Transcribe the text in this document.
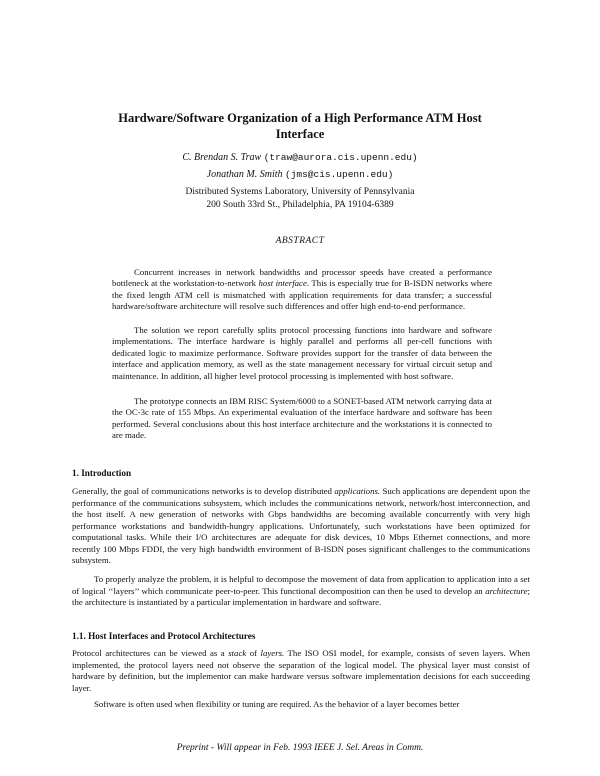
Hardware/Software Organization of a High Performance ATM Host Interface
C. Brendan S. Traw (traw@aurora.cis.upenn.edu)
Jonathan M. Smith (jms@cis.upenn.edu)
Distributed Systems Laboratory, University of Pennsylvania
200 South 33rd St., Philadelphia, PA 19104-6389
ABSTRACT

Concurrent increases in network bandwidths and processor speeds have created a performance bottleneck at the workstation-to-network host interface. This is especially true for B-ISDN networks where the fixed length ATM cell is mismatched with application requirements for data transfer; a successful hardware/software architecture will resolve such differences and offer high end-to-end performance.

The solution we report carefully splits protocol processing functions into hardware and software implementations. The interface hardware is highly parallel and performs all per-cell functions with dedicated logic to maximize performance. Software provides support for the transfer of data between the interface and application memory, as well as the state management necessary for virtual circuit setup and maintenance. In addition, all higher level protocol processing is implemented with host software.

The prototype connects an IBM RISC System/6000 to a SONET-based ATM network carrying data at the OC-3c rate of 155 Mbps. An experimental evaluation of the interface hardware and software has been performed. Several conclusions about this host interface architecture and the workstations it is connected to are made.

1. Introduction

Generally, the goal of communications networks is to develop distributed applications. Such applications are dependent upon the performance of the communications subsystem, which includes the communications network, network/host interconnection, and the host itself. A new generation of networks with Gbps bandwidths are becoming available concurrently with very high performance workstations and bandwidth-hungry applications. Unfortunately, such workstations have been optimized for computational tasks. While their I/O architectures are adequate for disk devices, 10 Mbps Ethernet connections, and more recently 100 Mbps FDDI, the very high bandwidth environment of B-ISDN poses significant challenges to the communications subsystem.

To properly analyze the problem, it is helpful to decompose the movement of data from application to application into a set of logical ‘‘layers’’ which communicate peer-to-peer. This functional decomposition can then be used to develop an architecture; the architecture is instantiated by a particular implementation in hardware and software.

1.1. Host Interfaces and Protocol Architectures

Protocol architectures can be viewed as a stack of layers. The ISO OSI model, for example, consists of seven layers. When implemented, the protocol layers need not observe the separation of the logical model. The physical layer must consist of hardware by definition, but the implementor can make hardware versus software implementation decisions for each succeeding layer.

Software is often used when flexibility or tuning are required. As the behavior of a layer becomes better

Preprint - Will appear in Feb. 1993 IEEE J. Sel. Areas in Comm.
